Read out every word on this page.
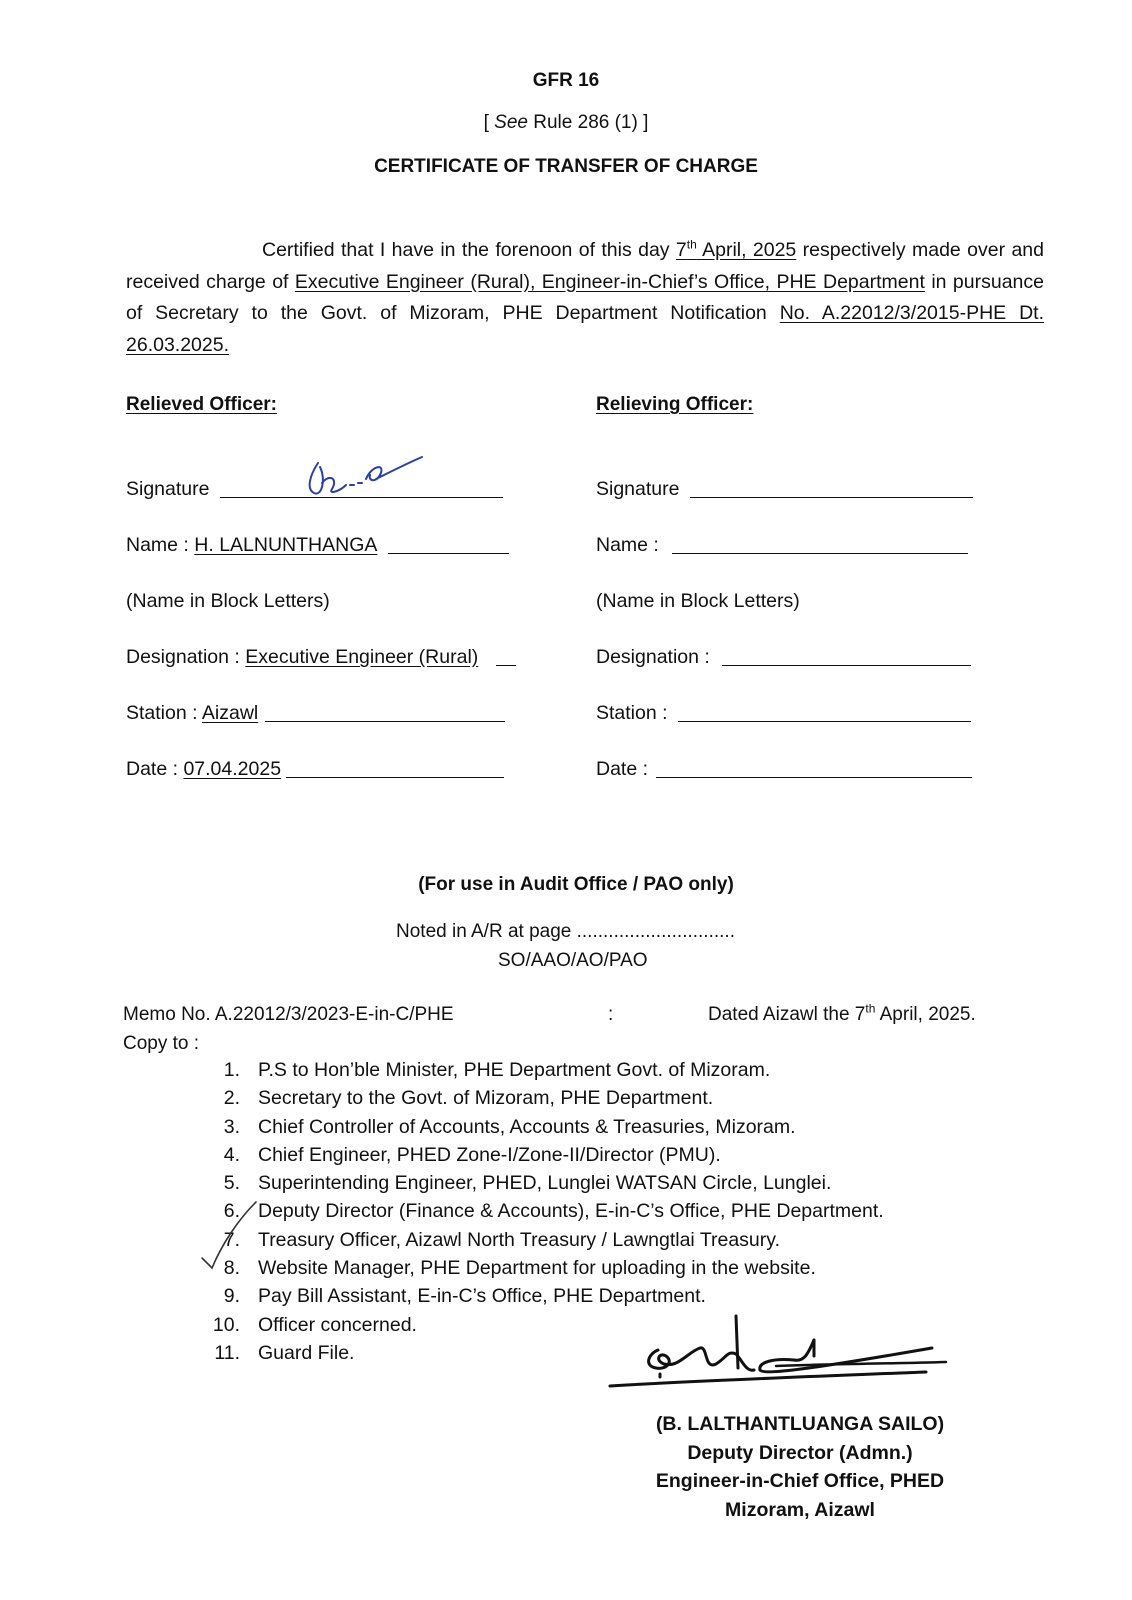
GFR 16
[ See Rule 286 (1) ]
CERTIFICATE OF TRANSFER OF CHARGE
Certified that I have in the forenoon of this day 7th April, 2025 respectively made over and received charge of Executive Engineer (Rural), Engineer-in-Chief’s Office, PHE Department in pursuance of Secretary to the Govt. of Mizoram, PHE Department Notification No. A.22012/3/2015-PHE Dt. 26.03.2025.
Relieved Officer:
Signature
Name : H. LALNUNTHANGA
(Name in Block Letters)
Designation : Executive Engineer (Rural)
Station : Aizawl
Date : 07.04.2025
Relieving Officer:
Signature
Name :
(Name in Block Letters)
Designation :
Station :
Date :
(For use in Audit Office / PAO only)
Noted in A/R at page ..............................
SO/AAO/AO/PAO
Memo No. A.22012/3/2023-E-in-C/PHE	:	Dated Aizawl the 7th April, 2025.
Copy to :
1. P.S to Hon’ble Minister, PHE Department Govt. of Mizoram.
2. Secretary to the Govt. of Mizoram, PHE Department.
3. Chief Controller of Accounts, Accounts & Treasuries, Mizoram.
4. Chief Engineer, PHED Zone-I/Zone-II/Director (PMU).
5. Superintending Engineer, PHED, Lunglei WATSAN Circle, Lunglei.
6. Deputy Director (Finance & Accounts), E-in-C’s Office, PHE Department.
7. Treasury Officer, Aizawl North Treasury / Lawngtlai Treasury.
8. Website Manager, PHE Department for uploading in the website.
9. Pay Bill Assistant, E-in-C’s Office, PHE Department.
10. Officer concerned.
11. Guard File.
(B. LALTHANTLUANGA SAILO)
Deputy Director (Admn.)
Engineer-in-Chief Office, PHED
Mizoram, Aizawl
